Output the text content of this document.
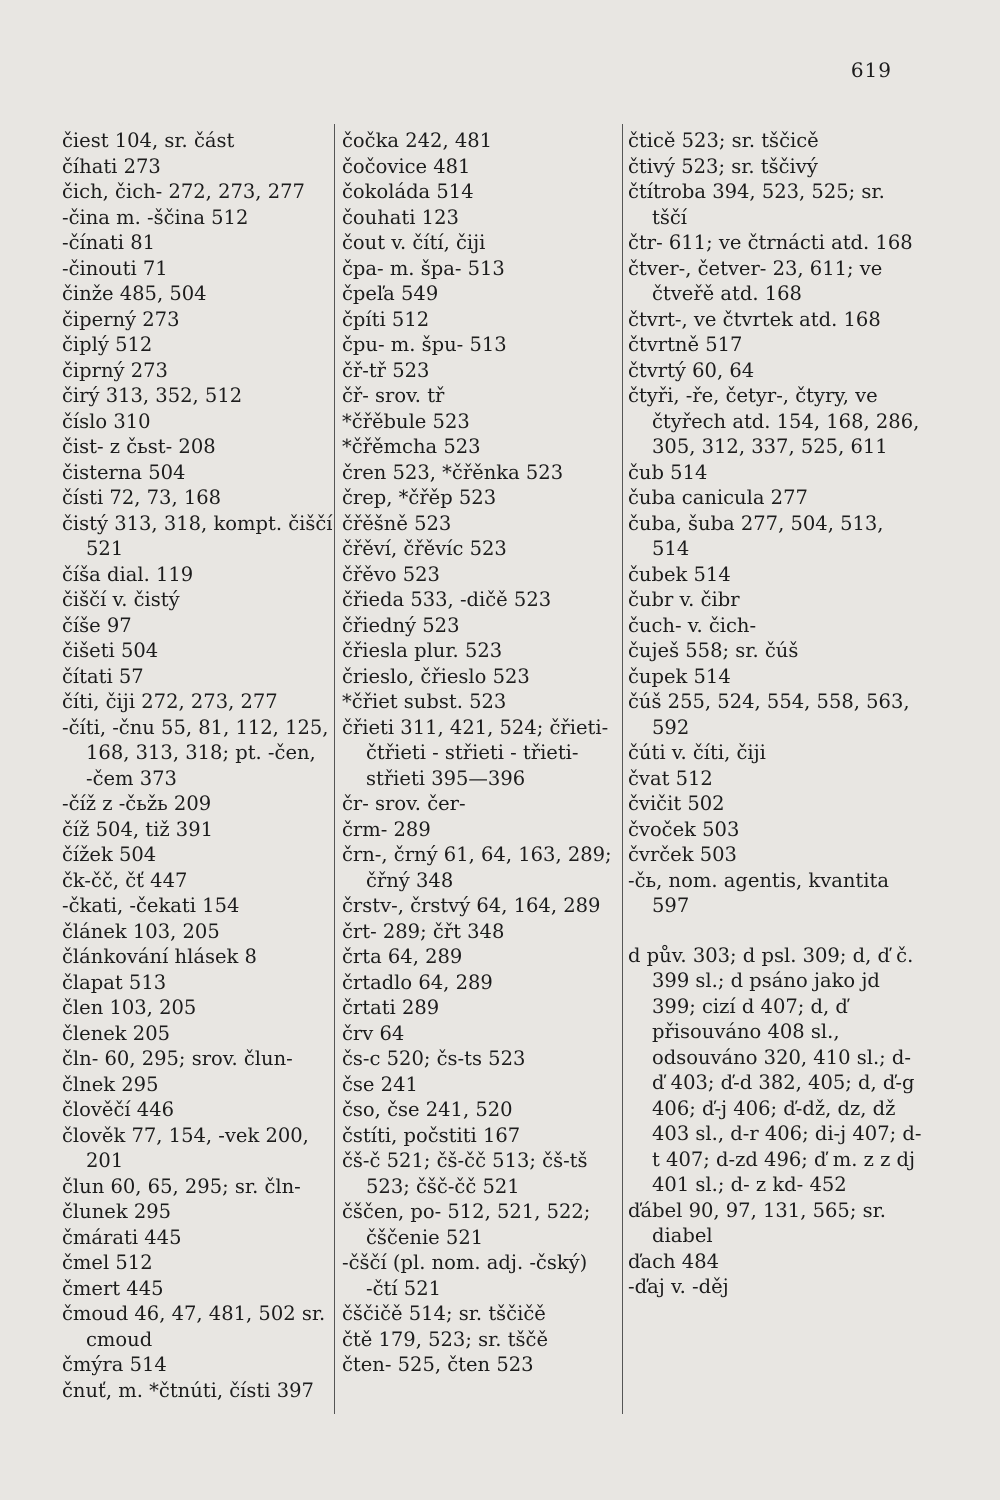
619
čiest 104, sr. část
číhati 273
čich, čich- 272, 273, 277
-čina m. -ščina 512
-čínati 81
-činouti 71
činže 485, 504
čiperný 273
čiplý 512
čiprný 273
čirý 313, 352, 512
číslo 310
čist- z čьst- 208
čisterna 504
čísti 72, 73, 168
čistý 313, 318, kompt. čiščí 521
číša dial. 119
čiščí v. čistý
číše 97
čišeti 504
čítati 57
číti, čiji 272, 273, 277
-číti, -čnu 55, 81, 112, 125, 168, 313, 318; pt. -čen, -čem 373
-číž z -čьžь 209
číž 504, tiž 391
čížek 504
čk-čč, čť 447
-čkati, -čekati 154
článek 103, 205
článkování hlásek 8
člapat 513
člen 103, 205
členek 205
čln- 60, 295; srov. člun-
člnek 295
člověčí 446
člověk 77, 154, -vek 200, 201
člun 60, 65, 295; sr. čln-
člunek 295
čmárati 445
čmel 512
čmert 445
čmoud 46, 47, 481, 502 sr. cmoud
čmýra 514
čnuť, m. *čtnúti, čísti 397
čočka 242, 481
čočovice 481
čokoláda 514
čouhati 123
čout v. čítí, čiji
čpa- m. špa- 513
čpeľa 549
čpíti 512
čpu- m. špu- 513
čř-tř 523
čř- srov. tř
*čřěbule 523
*čřěmcha 523
čren 523, *čřěnka 523
črep, *čřěp 523
čřěšně 523
čřěví, čřěvíc 523
čřěvo 523
čřieda 533, -dičě 523
čřiedný 523
čřiesla plur. 523
črieslo, čřieslo 523
*čřiet subst. 523
čřieti 311, 421, 524; čřieti-čtřieti - střieti - třieti-střieti 395—396
čr- srov. čer-
črm- 289
črn-, črný 61, 64, 163, 289; čřný 348
črstv-, črstvý 64, 164, 289
črt- 289; čřt 348
črta 64, 289
črtadlo 64, 289
črtati 289
črv 64
čs-c 520; čs-ts 523
čse 241
čso, čse 241, 520
čstíti, počstiti 167
čš-č 521; čš-čč 513; čš-tš 523; čšč-čč 521
čščen, po- 512, 521, 522; čščenie 521
-čščí (pl. nom. adj. -čský) -čtí 521
čščičě 514; sr. tščičě
čtě 179, 523; sr. tščě
čten- 525, čten 523
čticě 523; sr. tščicě
čtivý 523; sr. tščivý
čtítroba 394, 523, 525; sr. tščí
čtr- 611; ve čtrnácti atd. 168
čtver-, četver- 23, 611; ve čtveřě atd. 168
čtvrt-, ve čtvrtek atd. 168
čtvrtně 517
čtvrtý 60, 64
čtyři, -ře, četyr-, čtyry, ve čtyřech atd. 154, 168, 286, 305, 312, 337, 525, 611
čub 514
čuba canicula 277
čuba, šuba 277, 504, 513, 514
čubek 514
čubr v. čibr
čuch- v. čich-
čuješ 558; sr. čúš
čupek 514
čúš 255, 524, 554, 558, 563, 592
čúti v. číti, čiji
čvat 512
čvičit 502
čvoček 503
čvrček 503
-čь, nom. agentis, kvantita 597
d pův. 303; d psl. 309; d, ď č. 399 sl.; d psáno jako jd 399; cizí d 407; d, ď přisouváno 408 sl., odsouváno 320, 410 sl.; d-ď 403; ď-d 382, 405; d, ď-g 406; ď-j 406; ď-dž, dz, dž 403 sl., d-r 406; di-j 407; d-t 407; d-zd 496; ď m. z z dj 401 sl.; d- z kd- 452
ďábel 90, 97, 131, 565; sr. diabel
ďach 484
-ďaj v. -děj
